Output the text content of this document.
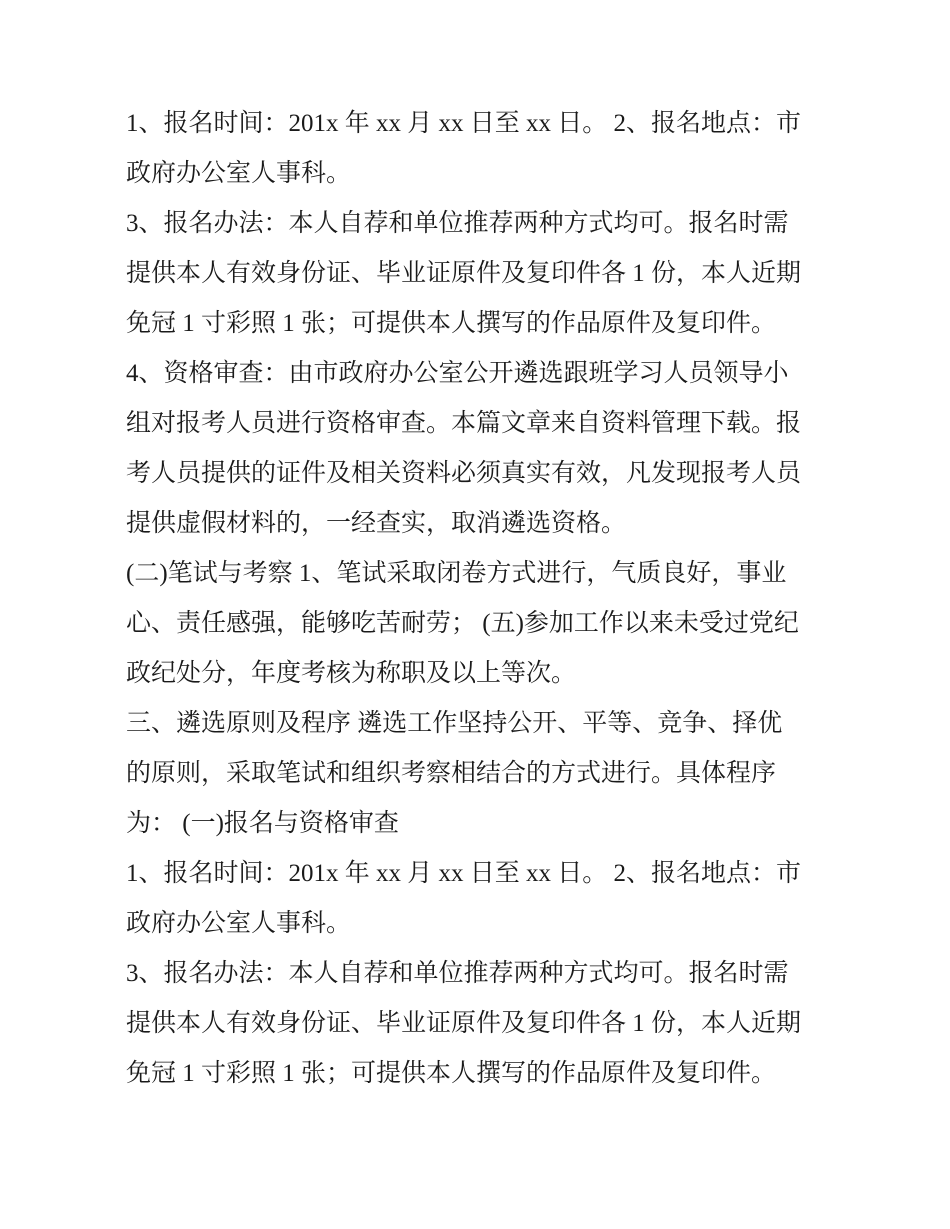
1、报名时间：201x 年 xx 月 xx 日至 xx 日。 2、报名地点：市政府办公室人事科。

3、报名办法：本人自荐和单位推荐两种方式均可。报名时需提供本人有效身份证、毕业证原件及复印件各 1 份，本人近期免冠 1 寸彩照 1 张；可提供本人撰写的作品原件及复印件。

4、资格审查：由市政府办公室公开遴选跟班学习人员领导小组对报考人员进行资格审查。本篇文章来自资料管理下载。报考人员提供的证件及相关资料必须真实有效，凡发现报考人员提供虚假材料的，一经查实，取消遴选资格。

(二)笔试与考察 1、笔试采取闭卷方式进行，气质良好，事业心、责任感强，能够吃苦耐劳； (五)参加工作以来未受过党纪政纪处分，年度考核为称职及以上等次。

三、遴选原则及程序 遴选工作坚持公开、平等、竞争、择优的原则，采取笔试和组织考察相结合的方式进行。具体程序为： (一)报名与资格审查

1、报名时间：201x 年 xx 月 xx 日至 xx 日。 2、报名地点：市政府办公室人事科。

3、报名办法：本人自荐和单位推荐两种方式均可。报名时需提供本人有效身份证、毕业证原件及复印件各 1 份，本人近期免冠 1 寸彩照 1 张；可提供本人撰写的作品原件及复印件。
